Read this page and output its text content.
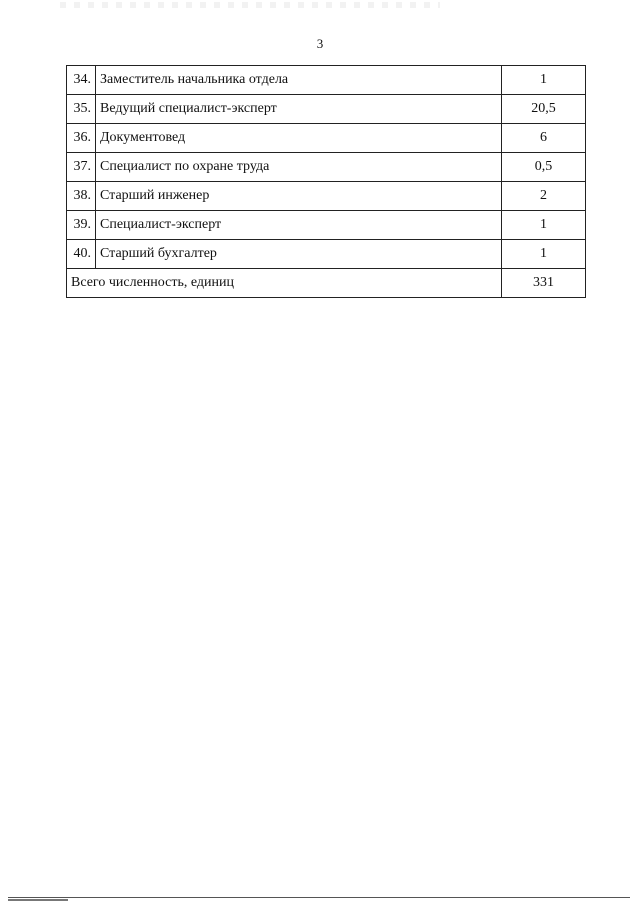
3
34.	Заместитель начальника отдела	1
35.	Ведущий специалист-эксперт	20,5
36.	Документовед	6
37.	Специалист по охране труда	0,5
38.	Старший инженер	2
39.	Специалист-эксперт	1
40.	Старший бухгалтер	1
Всего численность, единиц		331
